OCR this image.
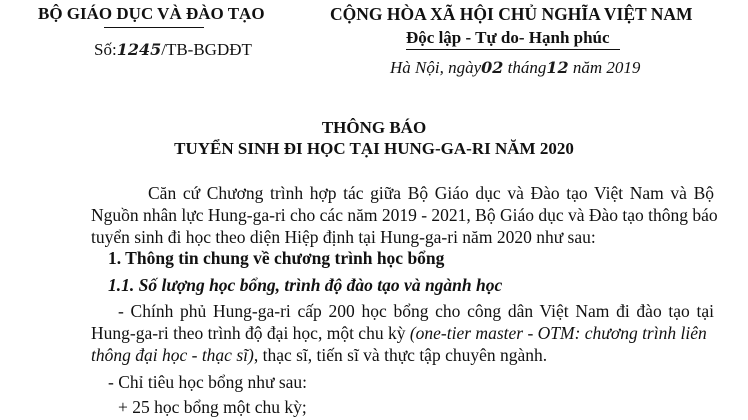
BỘ GIÁO DỤC VÀ ĐÀO TẠO
Số:1245/TB-BGDĐT
CỘNG HÒA XÃ HỘI CHỦ NGHĨA VIỆT NAM
Độc lập - Tự do- Hạnh phúc
Hà Nội, ngày02 tháng12 năm 2019
THÔNG BÁO
TUYỂN SINH ĐI HỌC TẠI HUNG-GA-RI NĂM 2020
Căn cứ Chương trình hợp tác giữa Bộ Giáo dục và Đào tạo Việt Nam và Bộ
Nguồn nhân lực Hung-ga-ri cho các năm 2019 - 2021, Bộ Giáo dục và Đào tạo thông báo
tuyển sinh đi học theo diện Hiệp định tại Hung-ga-ri năm 2020 như sau:
1. Thông tin chung về chương trình học bổng
1.1. Số lượng học bổng, trình độ đào tạo và ngành học
- Chính phủ Hung-ga-ri cấp 200 học bổng cho công dân Việt Nam đi đào tạo tại
Hung-ga-ri theo trình độ đại học, một chu kỳ (one-tier master - OTM: chương trình liên
thông đại học - thạc sĩ), thạc sĩ, tiến sĩ và thực tập chuyên ngành.
- Chỉ tiêu học bổng như sau:
+ 25 học bổng một chu kỳ;
